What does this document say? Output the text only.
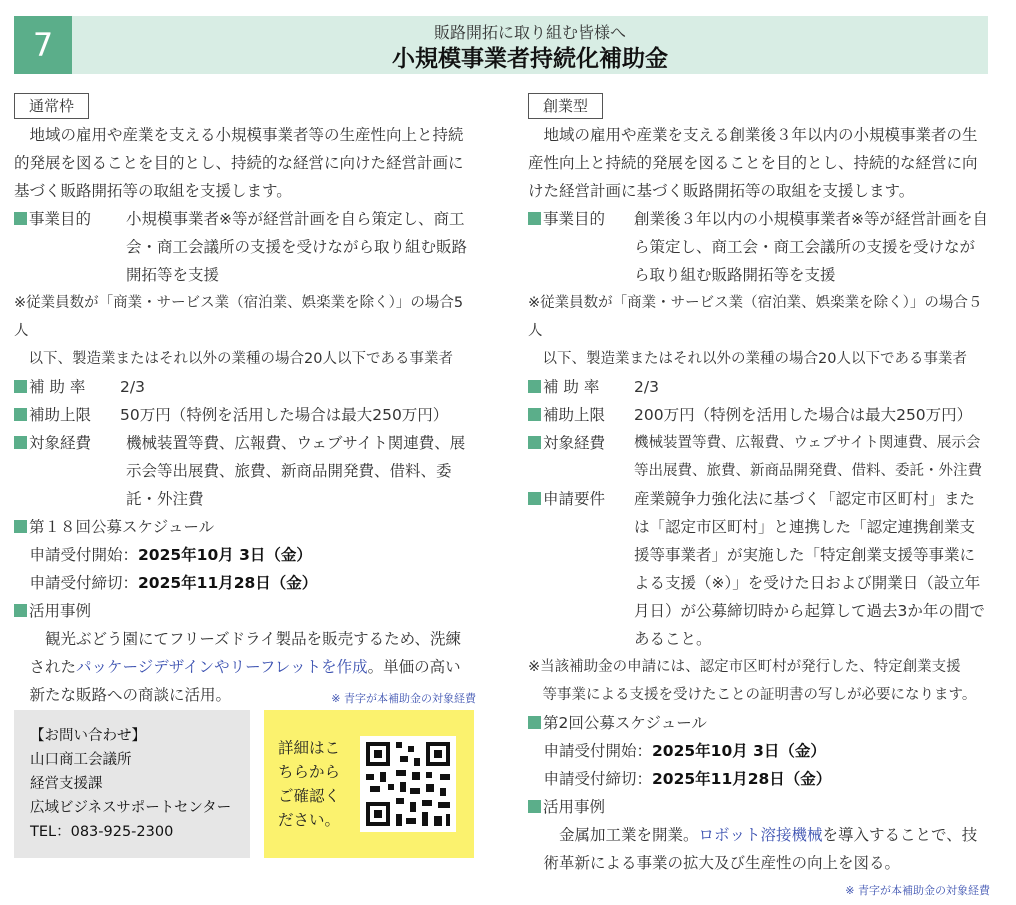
7	販路開拓に取り組む皆様へ
小規模事業者持続化補助金
通常枠

地域の雇用や産業を支える小規模事業者等の生産性向上と持続的発展を図ることを目的とし、持続的な経営に向けた経営計画に基づく販路開拓等の取組を支援します。

事業目的 小規模事業者※等が経営計画を自ら策定し、商工会・商工会議所の支援を受けながら取り組む販路開拓等を支援

※従業員数が「商業・サービス業（宿泊業、娯楽業を除く）」の場合5人

以下、製造業またはそれ以外の業種の場合20人以下である事業者

補 助 率 2/3
補助上限 50万円（特例を活用した場合は最大250万円）
対象経費 機械装置等費、広報費、ウェブサイト関連費、展示会等出展費、旅費、新商品開発費、借料、委託・外注費
第１８回公募スケジュール

申請受付開始：2025年10月 3日（金）

申請受付締切：2025年11月28日（金）

活用事例

観光ぶどう園にてフリーズドライ製品を販売するため、洗練されたパッケージデザインやリーフレットを作成。単価の高い新たな販路への商談に活用。	※ 青字が本補助金の対象経費

創業型

地域の雇用や産業を支える創業後３年以内の小規模事業者の生産性向上と持続的発展を図ることを目的とし、持続的な経営に向けた経営計画に基づく販路開拓等の取組を支援します。

事業目的 創業後３年以内の小規模事業者※等が経営計画を自ら策定し、商工会・商工会議所の支援を受けながら取り組む販路開拓等を支援

※従業員数が「商業・サービス業（宿泊業、娯楽業を除く）」の場合５人

以下、製造業またはそれ以外の業種の場合20人以下である事業者

補 助 率 2/3
補助上限 200万円（特例を活用した場合は最大250万円）
対象経費 機械装置等費、広報費、ウェブサイト関連費、展示会等出展費、旅費、新商品開発費、借料、委託・外注費
申請要件 産業競争力強化法に基づく「認定市区町村」または「認定市区町村」と連携した「認定連携創業支援等事業者」が実施した「特定創業支援等事業による支援（※）」を受けた日および開業日（設立年月日）が公募締切時から起算して過去3か年の間であること。

※当該補助金の申請には、認定市区町村が発行した、特定創業支援

等事業による支援を受けたことの証明書の写しが必要になります。

第2回公募スケジュール

申請受付開始：2025年10月 3日（金）

申請受付締切：2025年11月28日（金）

活用事例

金属加工業を開業。ロボット溶接機械を導入することで、技術革新による事業の拡大及び生産性の向上を図る。

※ 青字が本補助金の対象経費

【お問い合わせ】
山口商工会議所
経営支援課
広域ビジネスサポートセンター
TEL：083-925-2300
詳細はこちらからご確認ください。
